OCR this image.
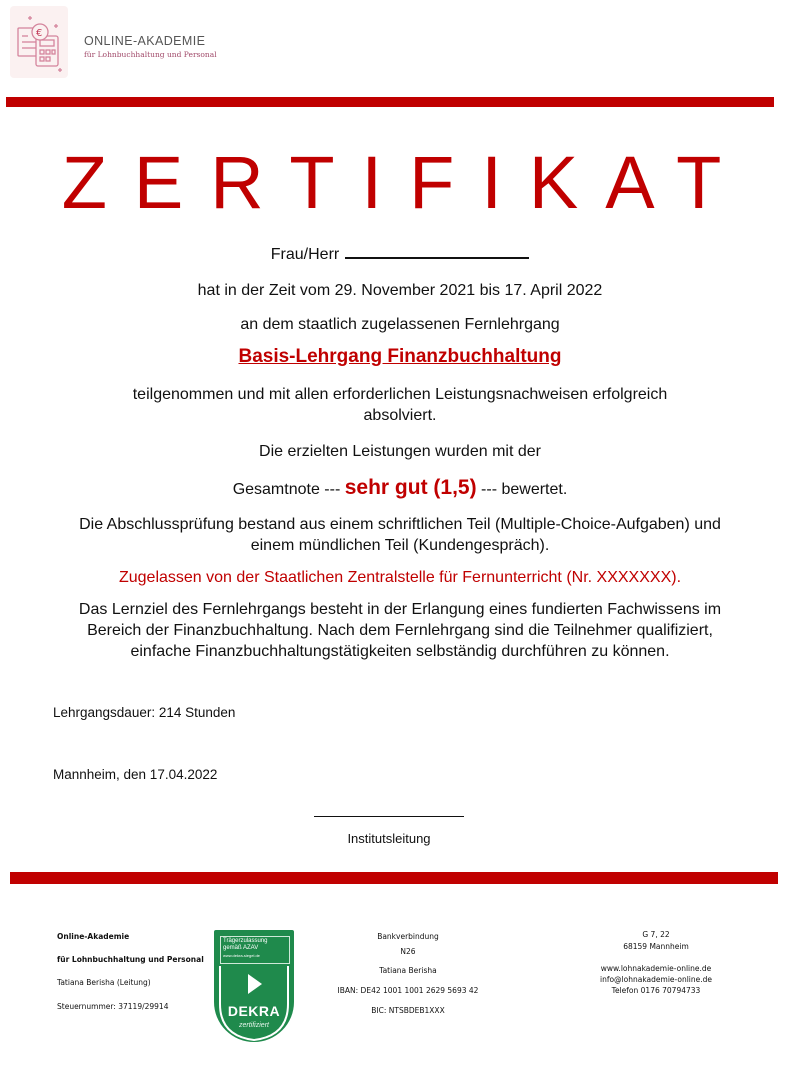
€
ONLINE-AKADEMIE
für Lohnbuchhaltung und Personal
ZERTIFIKAT
Frau/Herr
hat in der Zeit vom 29. November 2021 bis 17. April 2022
an dem staatlich zugelassenen Fernlehrgang
Basis-Lehrgang Finanzbuchhaltung
teilgenommen und mit allen erforderlichen Leistungsnachweisen erfolgreich
absolviert.
Die erzielten Leistungen wurden mit der
Gesamtnote --- sehr gut (1,5) --- bewertet.
Die Abschlussprüfung bestand aus einem schriftlichen Teil (Multiple-Choice-Aufgaben) und
einem mündlichen Teil (Kundengespräch).
Zugelassen von der Staatlichen Zentralstelle für Fernunterricht (Nr. XXXXXXX).
Das Lernziel des Fernlehrgangs besteht in der Erlangung eines fundierten Fachwissens im
Bereich der Finanzbuchhaltung. Nach dem Fernlehrgang sind die Teilnehmer qualifiziert,
einfache Finanzbuchhaltungstätigkeiten selbständig durchführen zu können.
Lehrgangsdauer: 214 Stunden
Mannheim, den 17.04.2022
Institutsleitung
Online-Akademie
für Lohnbuchhaltung und Personal
Tatiana Berisha (Leitung)
Steuernummer: 37119/29914
Trägerzulassung
gemäß AZAV
www.dekra-siegel.de
DEKRA
zertifiziert
Bankverbindung
N26
Tatiana Berisha
IBAN: DE42 1001 1001 2629 5693 42
BIC: NTSBDEB1XXX
G 7, 22
68159 Mannheim
www.lohnakademie-online.de
info@lohnakademie-online.de
Telefon 0176 70794733
